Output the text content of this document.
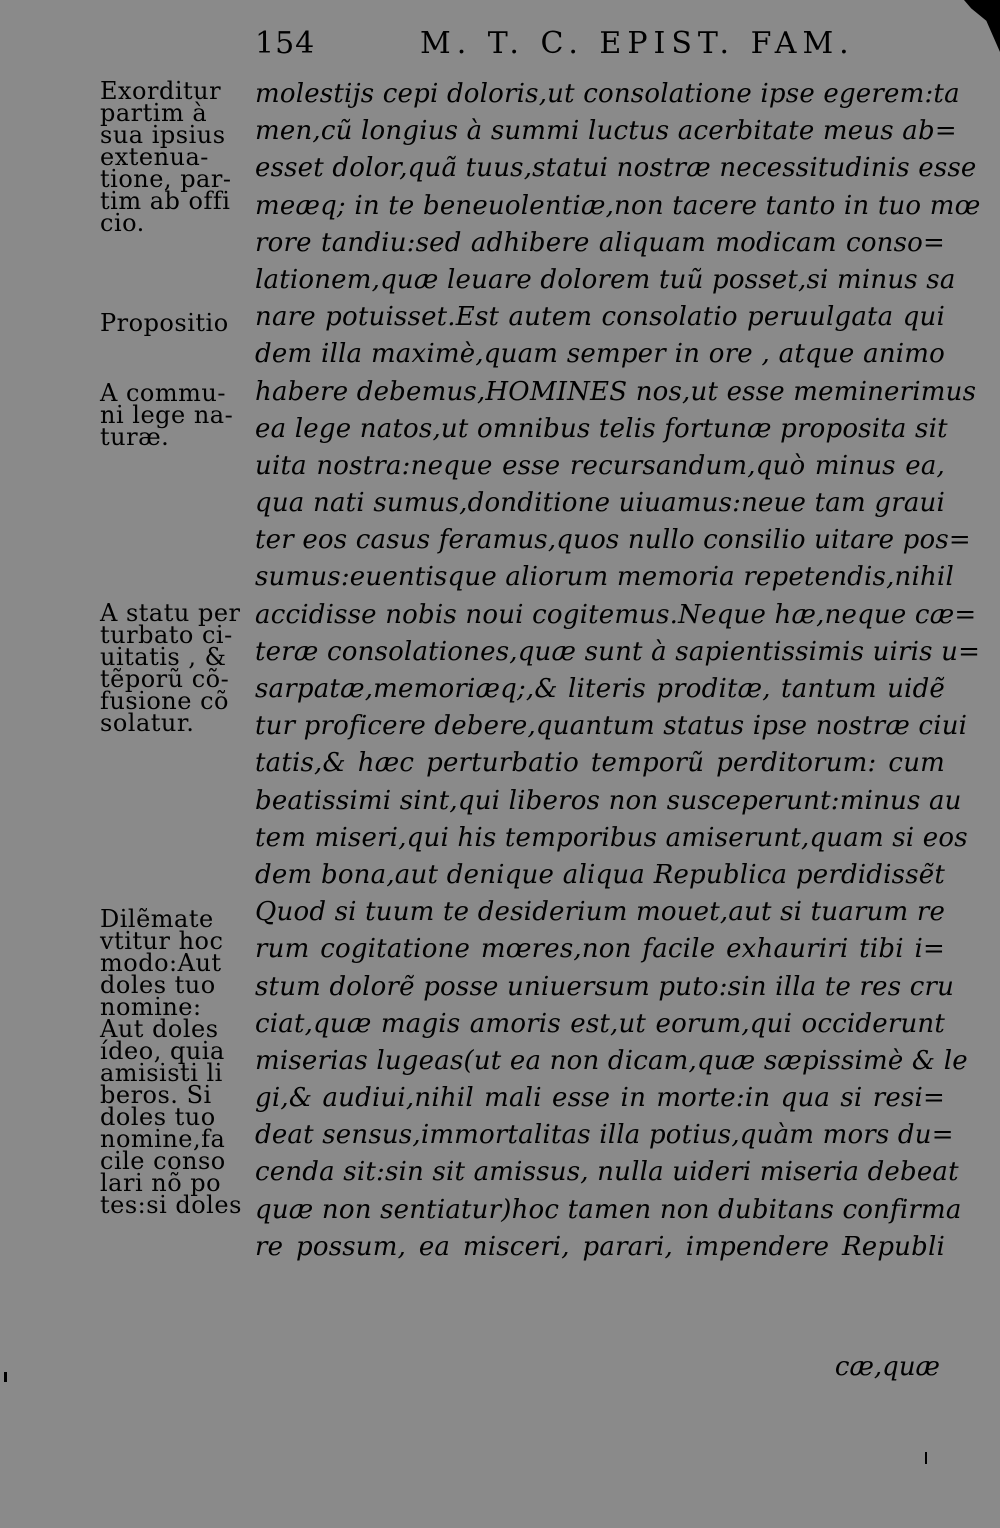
154	M. T. C. EPIST. FAM.
Exorditur
partim à
sua ipsius
extenua-
tione, par-
tim ab offi
cio.
Propositio
A commu-
ni lege na-
turæ.
A statu per
turbato ci-
uitatis , &
tẽporũ cõ-
fusione cõ
solatur.
Dilẽmate
vtitur hoc
modo:Aut
doles tuo
nomine:
Aut doles
ídeo, quia
amisisti li
beros. Si
doles tuo
nomine,fa
cile conso
lari nõ po
tes:si doles
molestijs cepi doloris,ut consolatione ipse egerem:ta
men,cũ longius à summi luctus acerbitate meus ab=
esset dolor,quã tuus,statui nostræ necessitudinis esse
meæq; in te beneuolentiæ,non tacere tanto in tuo mœ
rore tandiu:sed adhibere aliquam modicam conso=
lationem,quæ leuare dolorem tuũ posset,si minus sa
nare potuisset.Est autem consolatio peruulgata qui
dem illa maximè,quam semper in ore , atque animo
habere debemus,HOMINES nos,ut esse meminerimus
ea lege natos,ut omnibus telis fortunæ proposita sit
uita nostra:neque esse recursandum,quò minus ea,
qua nati sumus,donditione uiuamus:neue tam graui
ter eos casus feramus,quos nullo consilio uitare pos=
sumus:euentisque aliorum memoria repetendis,nihil
accidisse nobis noui cogitemus.Neque hæ,neque cæ=
teræ consolationes,quæ sunt à sapientissimis uiris u=
sarpatæ,memoriæq;,& literis proditæ, tantum uidẽ
tur proficere debere,quantum status ipse nostræ ciui
tatis,& hæc perturbatio temporũ perditorum: cum
beatissimi sint,qui liberos non susceperunt:minus au
tem miseri,qui his temporibus amiserunt,quam si eos
dem bona,aut denique aliqua Republica perdidissẽt
Quod si tuum te desiderium mouet,aut si tuarum re
rum cogitatione mœres,non facile exhauriri tibi i=
stum dolorẽ posse uniuersum puto:sin illa te res cru
ciat,quæ magis amoris est,ut eorum,qui occiderunt
miserias lugeas(ut ea non dicam,quæ sæpissimè & le
gi,& audiui,nihil mali esse in morte:in qua si resi=
deat sensus,immortalitas illa potius,quàm mors du=
cenda sit:sin sit amissus, nulla uideri miseria debeat
quæ non sentiatur)hoc tamen non dubitans confirma
re possum, ea misceri, parari, impendere Republi
cæ,quæ
